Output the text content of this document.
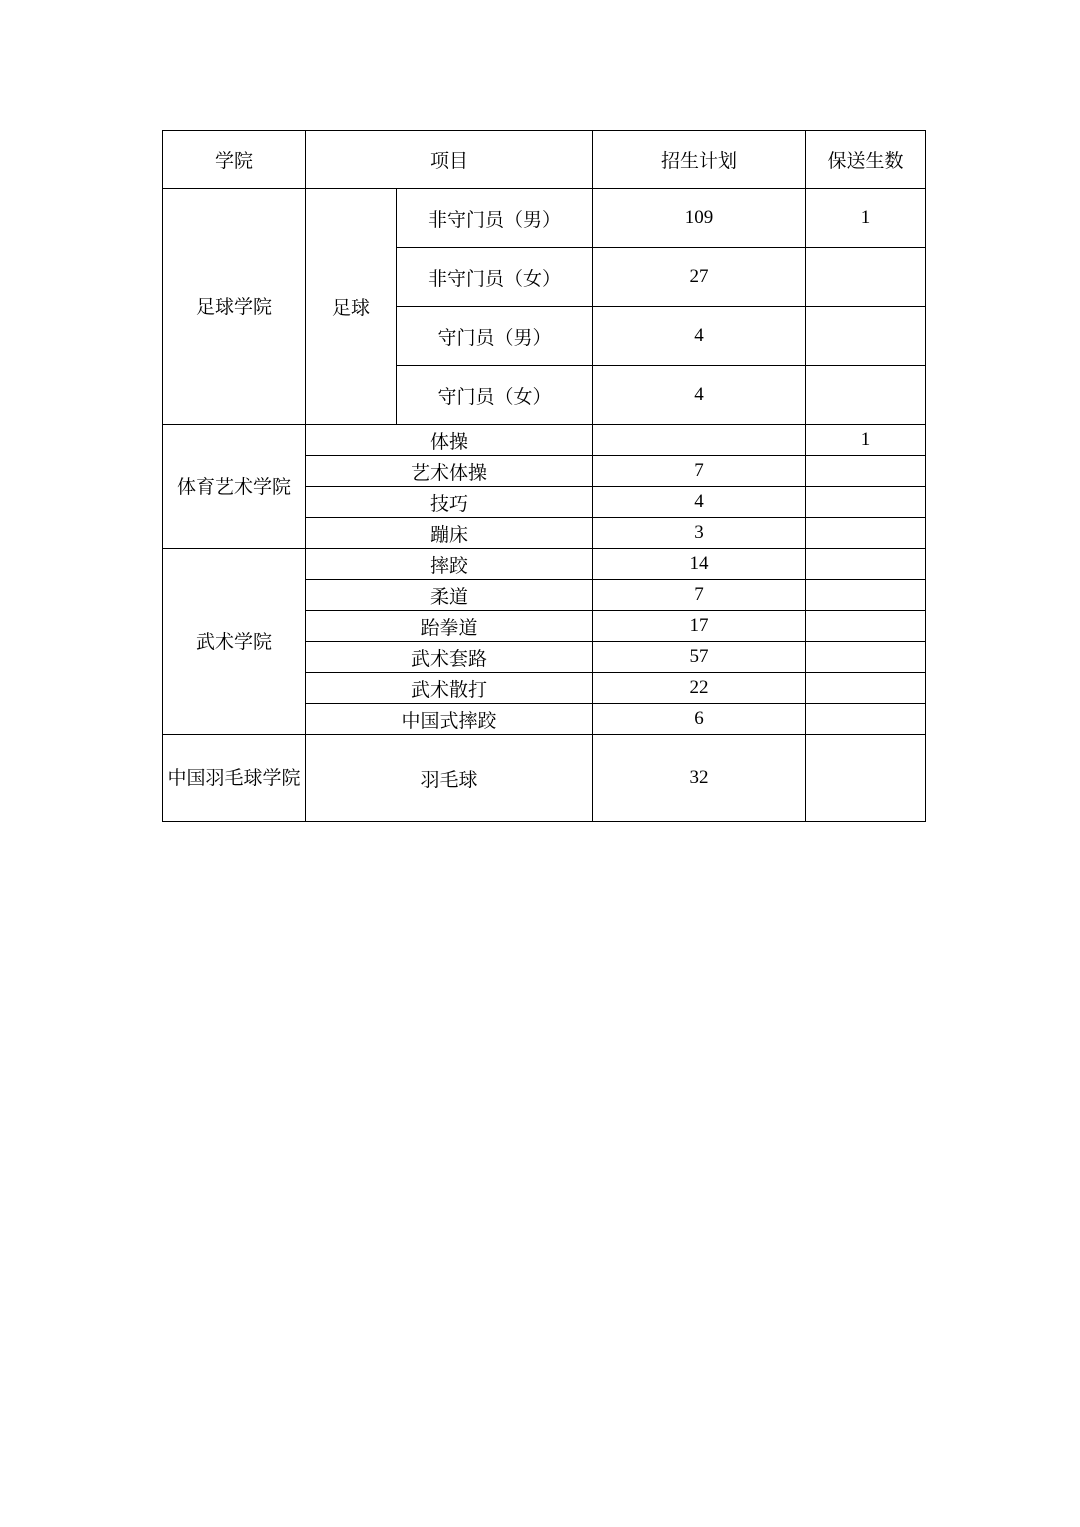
学院	项目		招生计划	保送生数
足球学院	足球	非守门员（男）	109	1
		非守门员（女）	27	
		守门员（男）	4	
		守门员（女）	4	
体育艺术学院	体操			1
	艺术体操		7	
	技巧		4	
	蹦床		3	
武术学院	摔跤		14	
	柔道		7	
	跆拳道		17	
	武术套路		57	
	武术散打		22	
	中国式摔跤		6	
中国羽毛球学院	羽毛球		32	
